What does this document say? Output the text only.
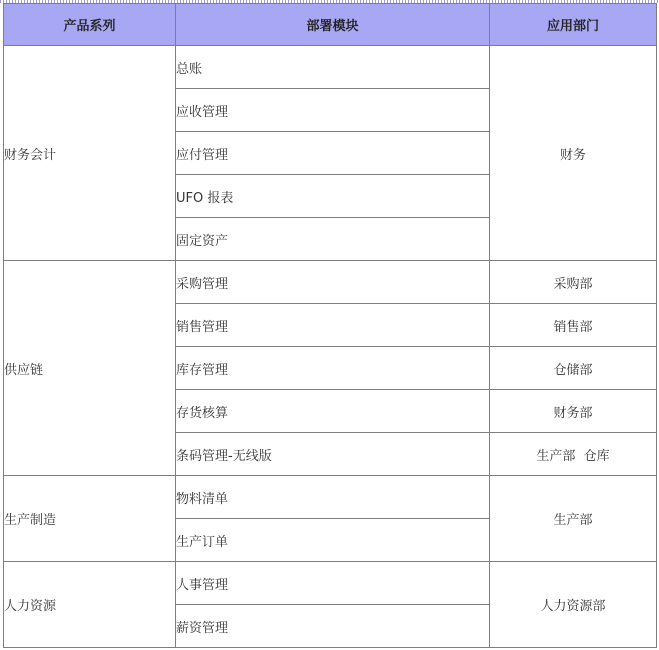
产品系列	部署模块	应用部门
财务会计	总账	财务
	应收管理	
	应付管理	
	UFO 报表	
	固定资产	
供应链	采购管理	采购部
	销售管理	销售部
	库存管理	仓储部
	存货核算	财务部
	条码管理-无线版	生产部  仓库
生产制造	物料清单	生产部
	生产订单	
人力资源	人事管理	人力资源部
	薪资管理	
